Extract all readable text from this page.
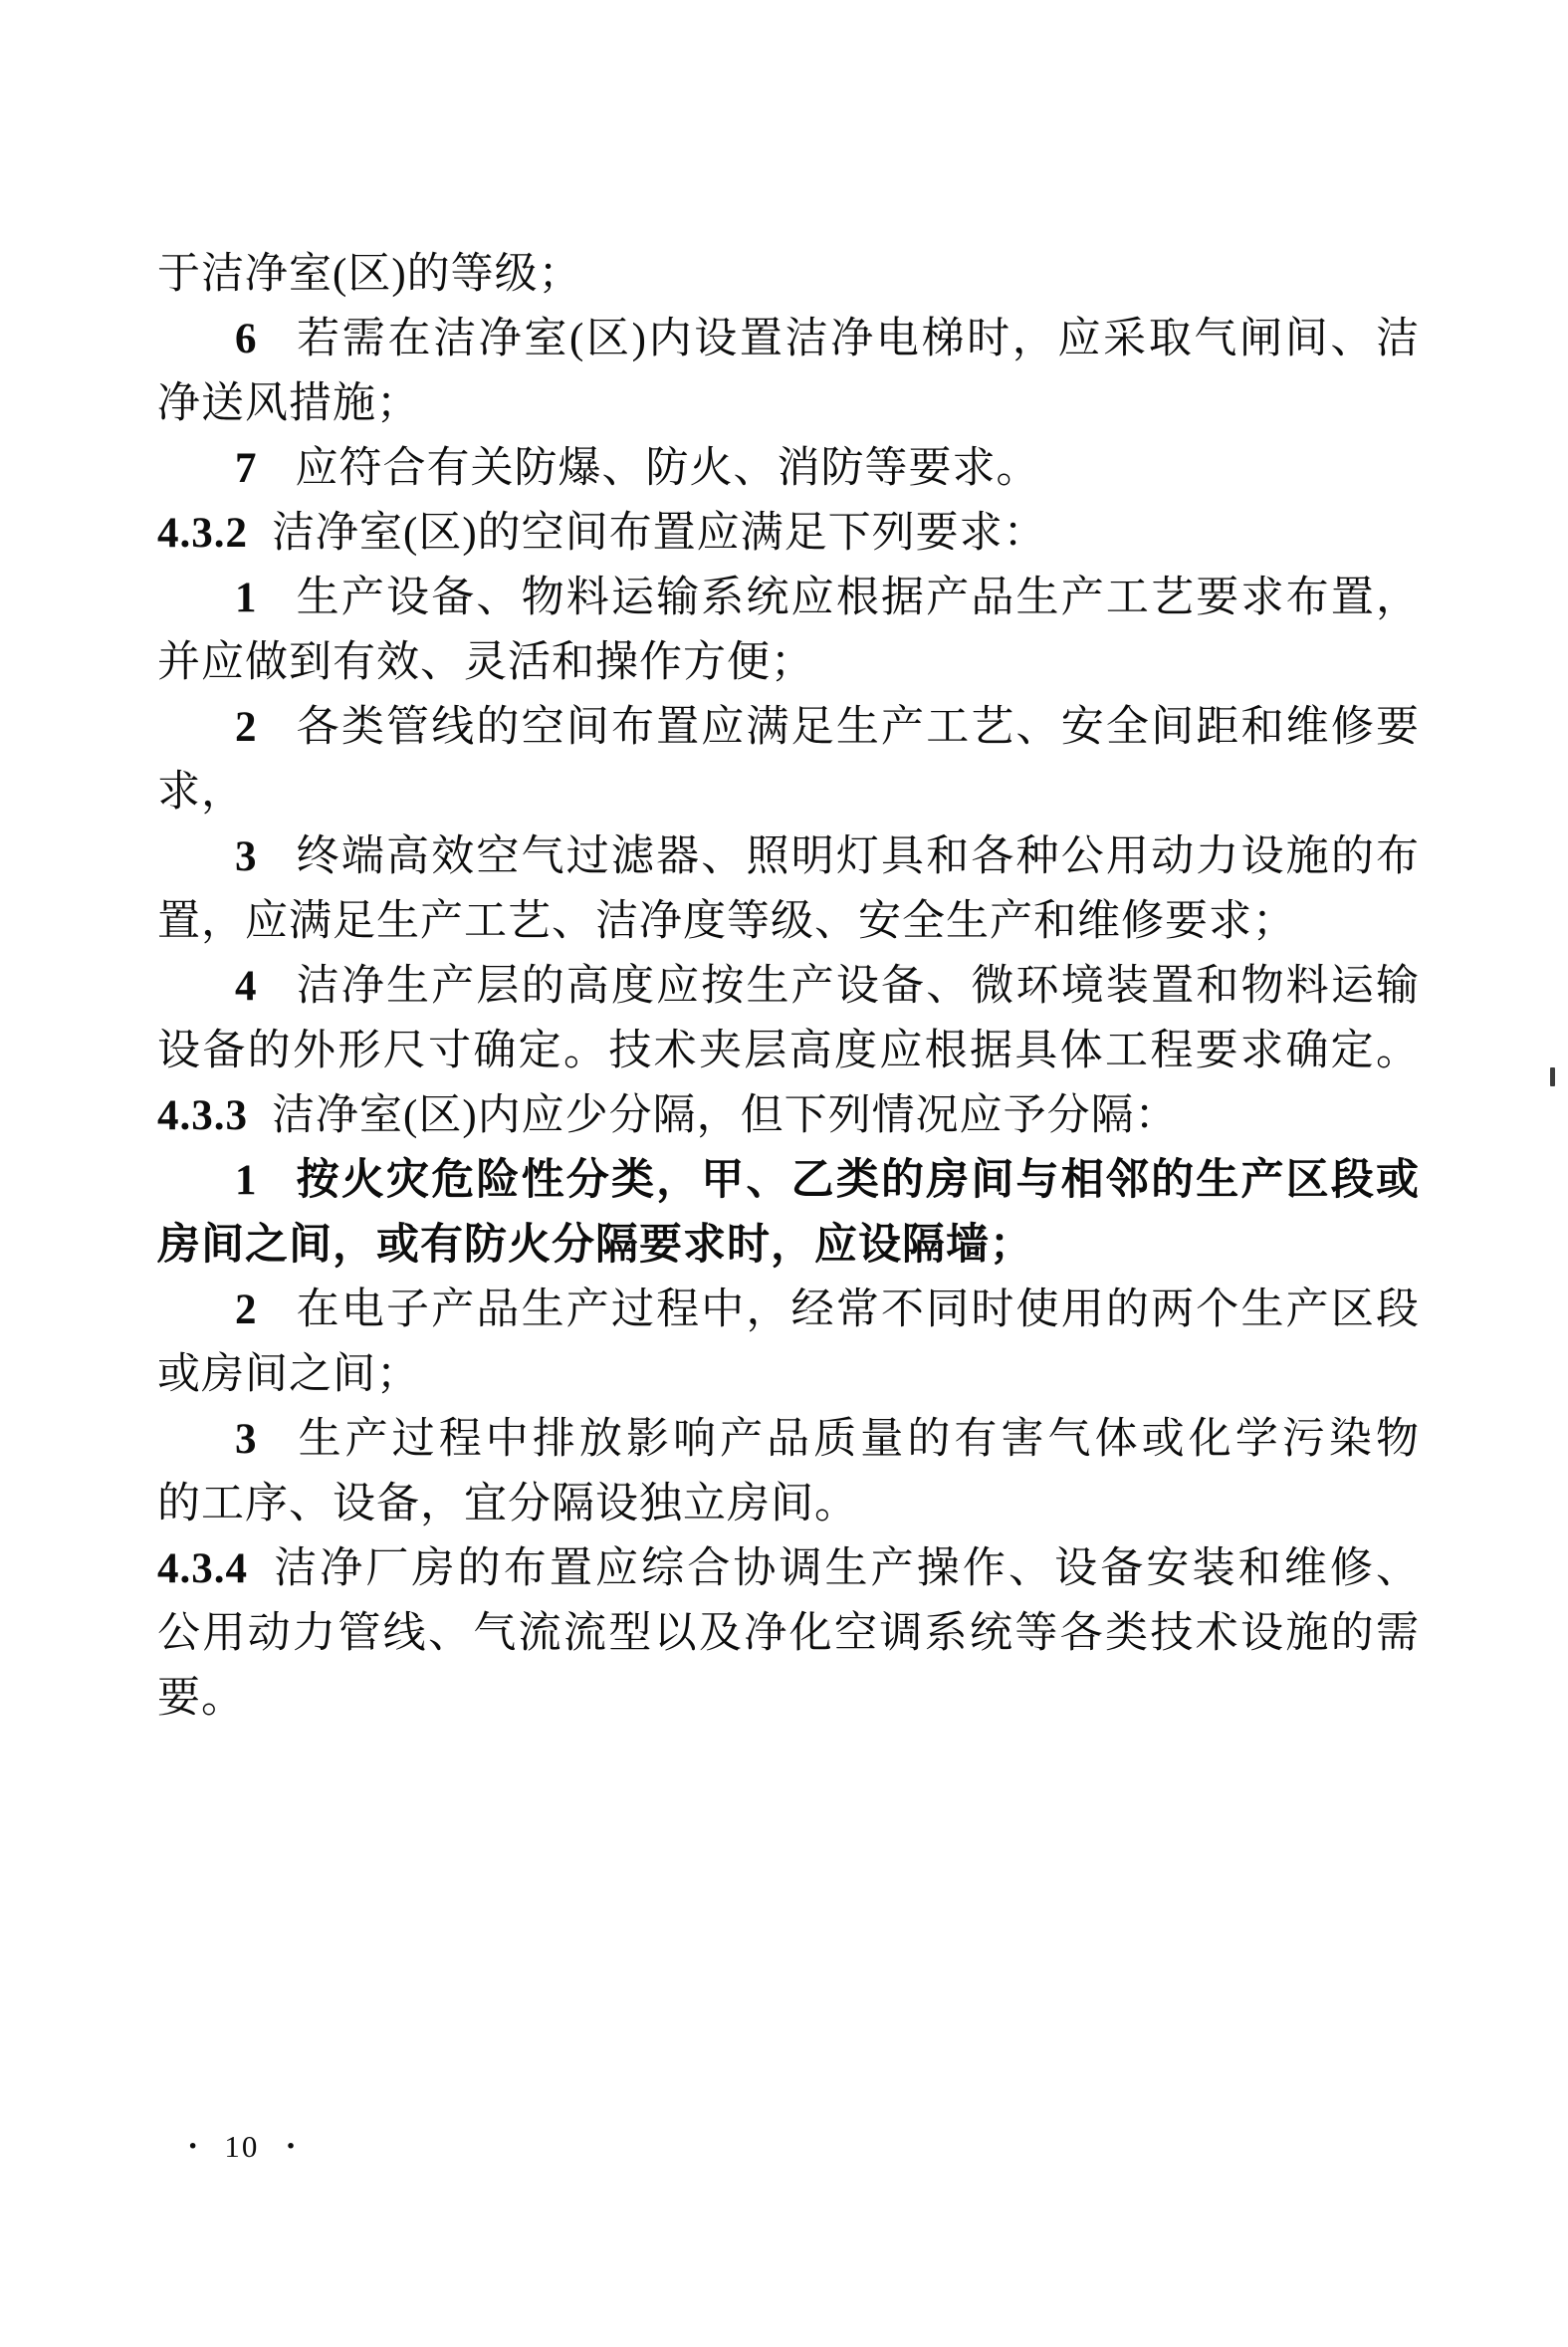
于洁净室(区)的等级；
6 若需在洁净室(区)内设置洁净电梯时，应采取气闸间、洁
净送风措施；
7 应符合有关防爆、防火、消防等要求。
4.3.2 洁净室(区)的空间布置应满足下列要求：
1 生产设备、物料运输系统应根据产品生产工艺要求布置，
并应做到有效、灵活和操作方便；
2 各类管线的空间布置应满足生产工艺、安全间距和维修要
求，
3 终端高效空气过滤器、照明灯具和各种公用动力设施的布
置，应满足生产工艺、洁净度等级、安全生产和维修要求；
4 洁净生产层的高度应按生产设备、微环境装置和物料运输
设备的外形尺寸确定。技术夹层高度应根据具体工程要求确定。
4.3.3 洁净室(区)内应少分隔，但下列情况应予分隔：
1 按火灾危险性分类，甲、乙类的房间与相邻的生产区段或
房间之间，或有防火分隔要求时，应设隔墙；
2 在电子产品生产过程中，经常不同时使用的两个生产区段
或房间之间；
3 生产过程中排放影响产品质量的有害气体或化学污染物
的工序、设备，宜分隔设独立房间。
4.3.4 洁净厂房的布置应综合协调生产操作、设备安装和维修、
公用动力管线、气流流型以及净化空调系统等各类技术设施的需
要。
· 10 ·
